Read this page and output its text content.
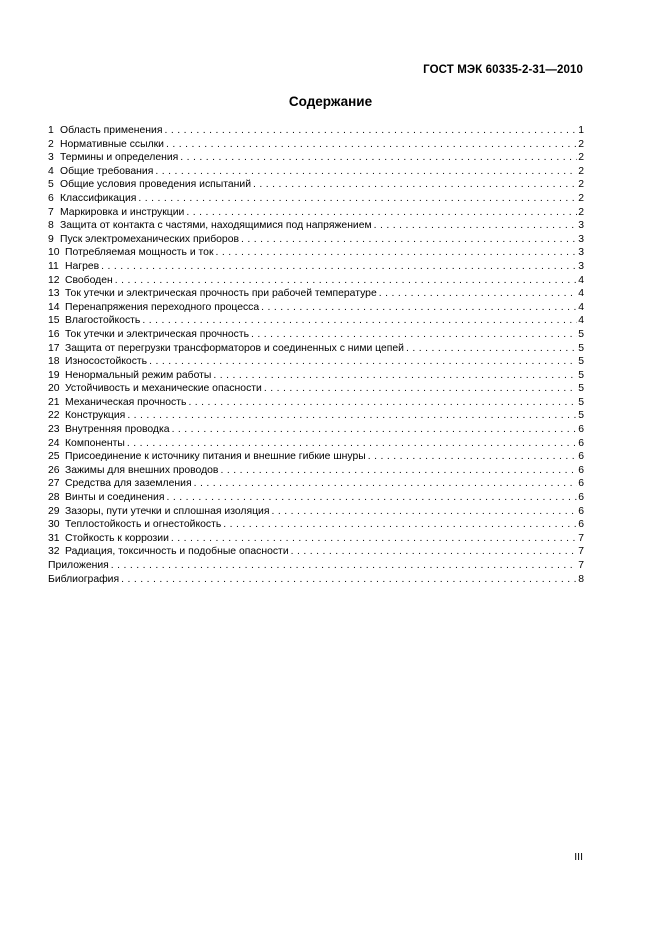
ГОСТ МЭК 60335-2-31—2010
Содержание
1 Область применения . . .	1
2 Нормативные ссылки . . .	2
3 Термины и определения . . .	2
4 Общие требования . . .	2
5 Общие условия проведения испытаний . . .	2
6 Классификация . . .	2
7 Маркировка и инструкции . . .	2
8 Защита от контакта с частями, находящимися под напряжением . . .	3
9 Пуск электромеханических приборов . . .	3
10 Потребляемая мощность и ток . . .	3
11 Нагрев . . .	3
12 Свободен . . .	4
13 Ток утечки и электрическая прочность при рабочей температуре . . .	4
14 Перенапряжения переходного процесса . . .	4
15 Влагостойкость . . .	4
16 Ток утечки и электрическая прочность . . .	5
17 Защита от перегрузки трансформаторов и соединенных с ними цепей . . .	5
18 Износостойкость . . .	5
19 Ненормальный режим работы . . .	5
20 Устойчивость и механические опасности . . .	5
21 Механическая прочность . . .	5
22 Конструкция . . .	5
23 Внутренняя проводка . . .	6
24 Компоненты . . .	6
25 Присоединение к источнику питания и внешние гибкие шнуры . . .	6
26 Зажимы для внешних проводов . . .	6
27 Средства для заземления . . .	6
28 Винты и соединения . . .	6
29 Зазоры, пути утечки и сплошная изоляция . . .	6
30 Теплостойкость и огнестойкость . . .	6
31 Стойкость к коррозии . . .	7
32 Радиация, токсичность и подобные опасности . . .	7
Приложения . . .	7
Библиография . . .	8
III
